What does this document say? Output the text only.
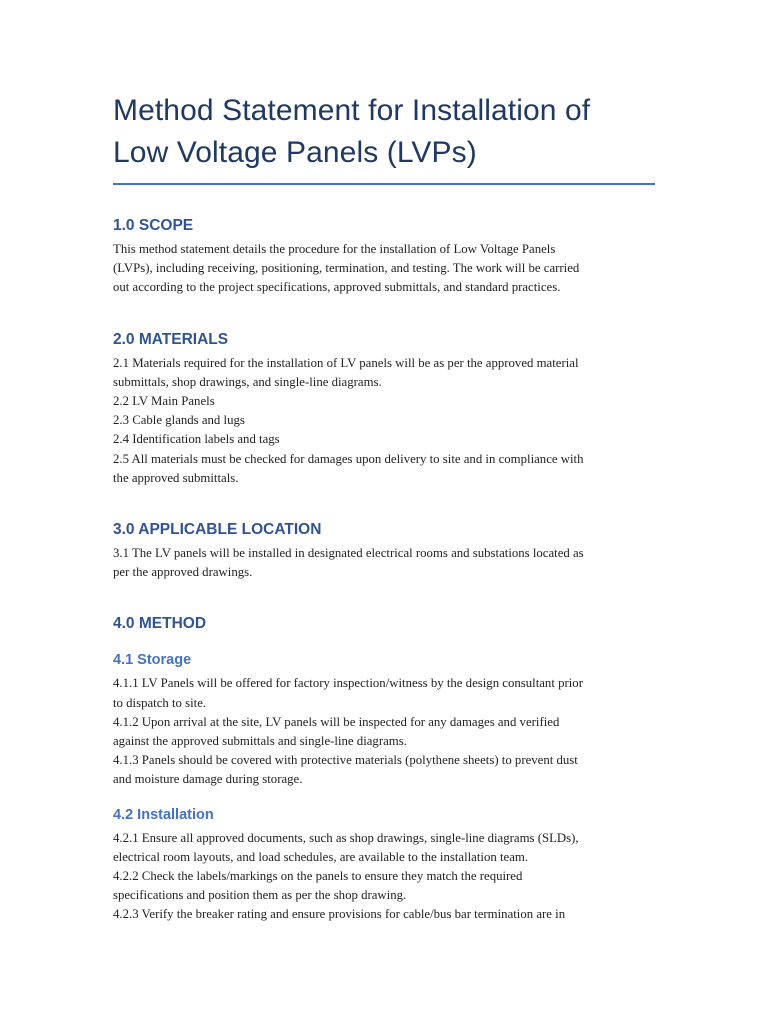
Method Statement for Installation of
Low Voltage Panels (LVPs)
1.0 SCOPE
This method statement details the procedure for the installation of Low Voltage Panels
(LVPs), including receiving, positioning, termination, and testing. The work will be carried
out according to the project specifications, approved submittals, and standard practices.
2.0 MATERIALS
2.1 Materials required for the installation of LV panels will be as per the approved material
submittals, shop drawings, and single-line diagrams.
2.2 LV Main Panels
2.3 Cable glands and lugs
2.4 Identification labels and tags
2.5 All materials must be checked for damages upon delivery to site and in compliance with
the approved submittals.
3.0 APPLICABLE LOCATION
3.1 The LV panels will be installed in designated electrical rooms and substations located as
per the approved drawings.
4.0 METHOD
4.1 Storage
4.1.1 LV Panels will be offered for factory inspection/witness by the design consultant prior
to dispatch to site.
4.1.2 Upon arrival at the site, LV panels will be inspected for any damages and verified
against the approved submittals and single-line diagrams.
4.1.3 Panels should be covered with protective materials (polythene sheets) to prevent dust
and moisture damage during storage.
4.2 Installation
4.2.1 Ensure all approved documents, such as shop drawings, single-line diagrams (SLDs),
electrical room layouts, and load schedules, are available to the installation team.
4.2.2 Check the labels/markings on the panels to ensure they match the required
specifications and position them as per the shop drawing.
4.2.3 Verify the breaker rating and ensure provisions for cable/bus bar termination are in
